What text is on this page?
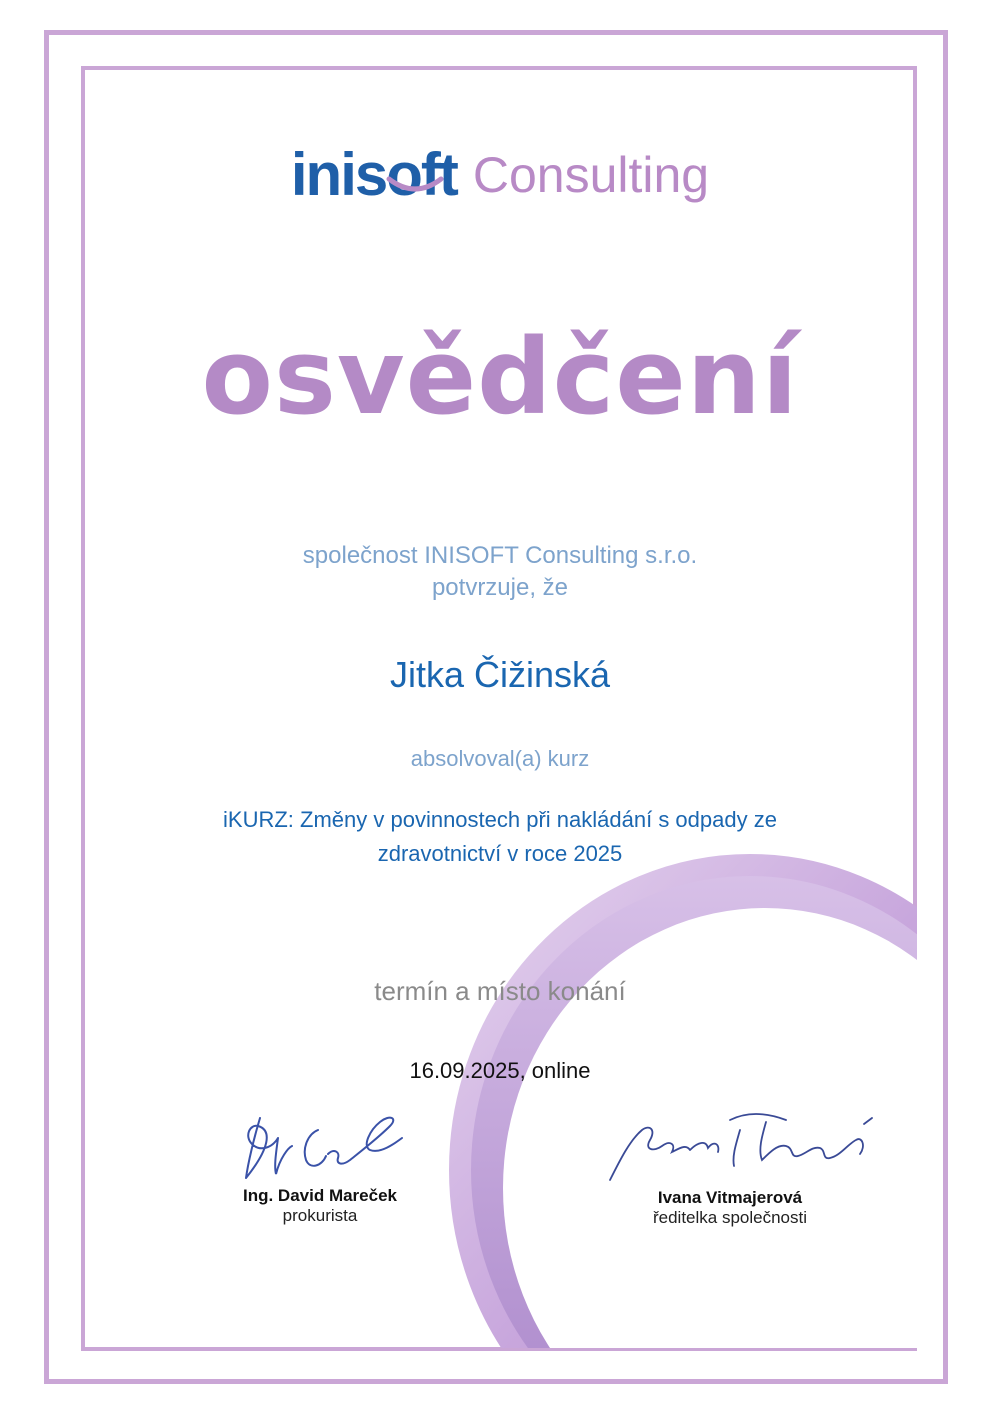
inisoft Consulting
osvědčení
společnost INISOFT Consulting s.r.o.
potvrzuje, že
Jitka Čižinská
absolvoval(a) kurz
iKURZ: Změny v povinnostech při nakládání s odpady ze
zdravotnictví v roce 2025
termín a místo konání
16.09.2025, online
Ing. David Mareček
prokurista
Ivana Vitmajerová
ředitelka společnosti
